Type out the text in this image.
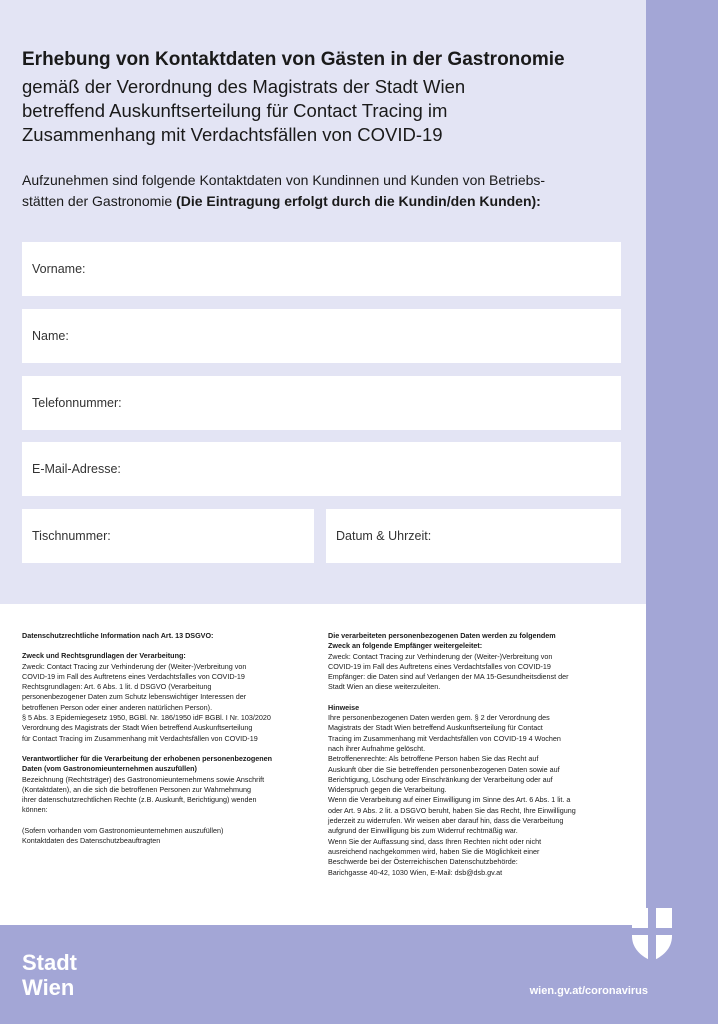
Erhebung von Kontaktdaten von Gästen in der Gastronomie
gemäß der Verordnung des Magistrats der Stadt Wien
betreffend Auskunftserteilung für Contact Tracing im
Zusammenhang mit Verdachtsfällen von COVID-19
Aufzunehmen sind folgende Kontaktdaten von Kundinnen und Kunden von Betriebs-
stätten der Gastronomie (Die Eintragung erfolgt durch die Kundin/den Kunden):
Vorname:
Name:
Telefonnummer:
E-Mail-Adresse:
Tischnummer:	Datum & Uhrzeit:

Datenschutzrechtliche Information nach Art. 13 DSGVO:

Zweck und Rechtsgrundlagen der Verarbeitung:

Zweck: Contact Tracing zur Verhinderung der (Weiter-)Verbreitung von

COVID-19 im Fall des Auftretens eines Verdachtsfalles von COVID-19

Rechtsgrundlagen: Art. 6 Abs. 1 lit. d DSGVO (Verarbeitung

personenbezogener Daten zum Schutz lebenswichtiger Interessen der

betroffenen Person oder einer anderen natürlichen Person).

§ 5 Abs. 3 Epidemiegesetz 1950, BGBl. Nr. 186/1950 idF BGBl. I Nr. 103/2020

Verordnung des Magistrats der Stadt Wien betreffend Auskunftserteilung

für Contact Tracing im Zusammenhang mit Verdachtsfällen von COVID-19

Verantwortlicher für die Verarbeitung der erhobenen personenbezogenen

Daten (vom Gastronomieunternehmen auszufüllen)

Bezeichnung (Rechtsträger) des Gastronomieunternehmens sowie Anschrift

(Kontaktdaten), an die sich die betroffenen Personen zur Wahrnehmung

ihrer datenschutzrechtlichen Rechte (z.B. Auskunft, Berichtigung) wenden

können:

(Sofern vorhanden vom Gastronomieunternehmen auszufüllen)

Kontaktdaten des Datenschutzbeauftragten

Die verarbeiteten personenbezogenen Daten werden zu folgendem

Zweck an folgende Empfänger weitergeleitet:

Zweck: Contact Tracing zur Verhinderung der (Weiter-)Verbreitung von

COVID-19 im Fall des Auftretens eines Verdachtsfalles von COVID-19

Empfänger: die Daten sind auf Verlangen der MA 15-Gesundheitsdienst der

Stadt Wien an diese weiterzuleiten.

Hinweise

Ihre personenbezogenen Daten werden gem. § 2 der Verordnung des

Magistrats der Stadt Wien betreffend Auskunftserteilung für Contact

Tracing im Zusammenhang mit Verdachtsfällen von COVID-19 4 Wochen

nach ihrer Aufnahme gelöscht.

Betroffenenrechte: Als betroffene Person haben Sie das Recht auf

Auskunft über die Sie betreffenden personenbezogenen Daten sowie auf

Berichtigung, Löschung oder Einschränkung der Verarbeitung oder auf

Widerspruch gegen die Verarbeitung.

Wenn die Verarbeitung auf einer Einwilligung im Sinne des Art. 6 Abs. 1 lit. a

oder Art. 9 Abs. 2 lit. a DSGVO beruht, haben Sie das Recht, Ihre Einwilligung

jederzeit zu widerrufen. Wir weisen aber darauf hin, dass die Verarbeitung

aufgrund der Einwilligung bis zum Widerruf rechtmäßig war.

Wenn Sie der Auffassung sind, dass Ihren Rechten nicht oder nicht

ausreichend nachgekommen wird, haben Sie die Möglichkeit einer

Beschwerde bei der Österreichischen Datenschutzbehörde:

Barichgasse 40-42, 1030 Wien, E-Mail: dsb@dsb.gv.at

Stadt
Wien	wien.gv.at/coronavirus
